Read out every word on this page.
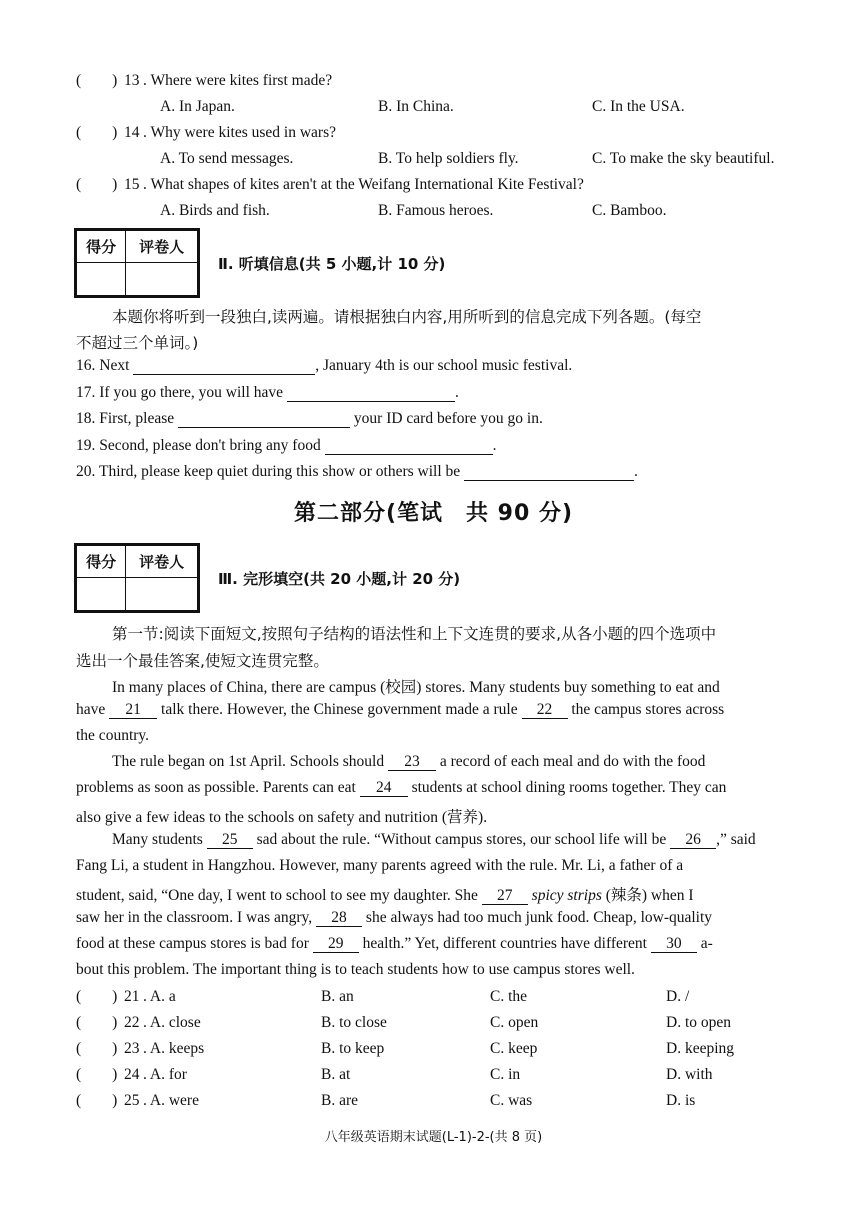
(        ) 13 . Where were kites first made?
A. In Japan.	B. In China.	C. In the USA.
(        ) 14 . Why were kites used in wars?
A. To send messages.	B. To help soldiers fly.	C. To make the sky beautiful.
(        ) 15 . What shapes of kites aren't at the Weifang International Kite Festival?
A. Birds and fish.	B. Famous heroes.	C. Bamboo.
得分	评卷人

Ⅱ. 听填信息(共 5 小题,计 10 分)
本题你将听到一段独白,读两遍。请根据独白内容,用所听到的信息完成下列各题。(每空
不超过三个单词。)
16. Next	, January 4th is our school music festival.
17. If you go there, you will have	.
18. First, please	your ID card before you go in.
19. Second, please don't bring any food	.
20. Third, please keep quiet during this show or others will be	.
第二部分(笔试　共 90 分)
得分	评卷人

Ⅲ. 完形填空(共 20 小题,计 20 分)
第一节:阅读下面短文,按照句子结构的语法性和上下文连贯的要求,从各小题的四个选项中
选出一个最佳答案,使短文连贯完整。
In many places of China, there are campus (校园) stores. Many students buy something to eat and
have 21 talk there. However, the Chinese government made a rule 22 the campus stores across
the country.
The rule began on 1st April. Schools should 23 a record of each meal and do with the food
problems as soon as possible. Parents can eat 24 students at school dining rooms together. They can
also give a few ideas to the schools on safety and nutrition (营养).
Many students 25 sad about the rule. “Without campus stores, our school life will be 26 ,” said
Fang Li, a student in Hangzhou. However, many parents agreed with the rule. Mr. Li, a father of a
student, said, “One day, I went to school to see my daughter. She 27 spicy strips (辣条) when I
saw her in the classroom. I was angry, 28 she always had too much junk food. Cheap, low-quality
food at these campus stores is bad for 29 health.” Yet, different countries have different 30 a-
bout this problem. The important thing is to teach students how to use campus stores well.
(        ) 21 . A. a	B. an	C. the	D. /
(        ) 22 . A. close	B. to close	C. open	D. to open
(        ) 23 . A. keeps	B. to keep	C. keep	D. keeping
(        ) 24 . A. for	B. at	C. in	D. with
(        ) 25 . A. were	B. are	C. was	D. is
八年级英语期末试题(L-1)-2-(共 8 页)
